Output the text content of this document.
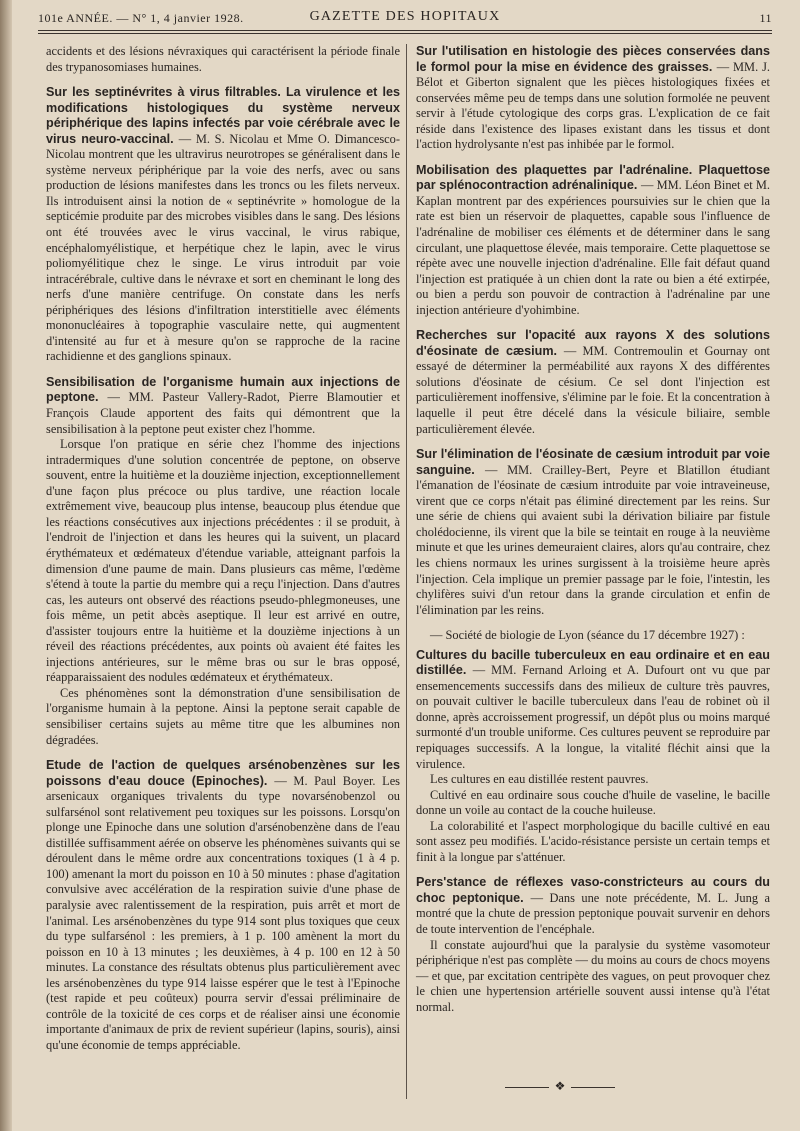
101e ANNÉE. — N° 1, 4 janvier 1928.	GAZETTE DES HOPITAUX	11

accidents et des lésions névraxiques qui caractérisent la période finale des trypanosomiases humaines.

Sur les septinévrites à virus filtrables. La virulence et les modifications histologiques du système nerveux périphérique des lapins infectés par voie cérébrale avec le virus neuro-vaccinal. — M. S. Nicolau et Mme O. Dimancesco-Nicolau montrent que les ultravirus neurotropes se généralisent dans le système nerveux périphérique par la voie des nerfs, avec ou sans production de lésions manifestes dans les troncs ou les filets nerveux. Ils introduisent ainsi la notion de « septinévrite » homologue de la septicémie produite par des microbes visibles dans le sang. Des lésions ont été trouvées avec le virus vaccinal, le virus rabique, encéphalomyélistique, et herpétique chez le lapin, avec le virus poliomyélitique chez le singe. Le virus introduit par voie intracérébrale, cultive dans le névraxe et sort en cheminant le long des nerfs d'une manière centrifuge. On constate dans les nerfs périphériques des lésions d'infiltration interstitielle avec éléments mononucléaires à topographie vasculaire nette, qui augmentent d'intensité au fur et à mesure qu'on se rapproche de la racine rachidienne et des ganglions spinaux.
Sensibilisation de l'organisme humain aux injections de peptone. — MM. Pasteur Vallery-Radot, Pierre Blamoutier et François Claude apportent des faits qui démontrent que la sensibilisation à la peptone peut exister chez l'homme.

Lorsque l'on pratique en série chez l'homme des injections intradermiques d'une solution concentrée de peptone, on observe souvent, entre la huitième et la douzième injection, exceptionnellement d'une façon plus précoce ou plus tardive, une réaction locale extrêmement vive, beaucoup plus intense, beaucoup plus étendue que les réactions consécutives aux injections précédentes : il se produit, à l'endroit de l'injection et dans les heures qui la suivent, un placard érythémateux et œdémateux d'étendue variable, atteignant parfois la dimension d'une paume de main. Dans plusieurs cas même, l'œdème s'étend à toute la partie du membre qui a reçu l'injection. Dans d'autres cas, les auteurs ont observé des réactions pseudo-phlegmoneuses, une fois même, un petit abcès aseptique. Il leur est arrivé en outre, d'assister toujours entre la huitième et la douzième injections à un réveil des réactions précédentes, aux points où avaient été faites les injections antérieures, sur le même bras ou sur le bras opposé, réapparaissaient des nodules œdémateux et érythémateux.

Ces phénomènes sont la démonstration d'une sensibilisation de l'organisme humain à la peptone. Ainsi la peptone serait capable de sensibiliser certains sujets au même titre que les albumines non dégradées.

Etude de l'action de quelques arsénobenzènes sur les poissons d'eau douce (Epinoches). — M. Paul Boyer. Les arsenicaux organiques trivalents du type novarsénobenzol ou sulfarsénol sont relativement peu toxiques sur les poissons. Lorsqu'on plonge une Epinoche dans une solution d'arsénobenzène dans de l'eau distillée suffisamment aérée on observe les phénomènes suivants qui se déroulent dans le même ordre aux concentrations toxiques (1 à 4 p. 100) amenant la mort du poisson en 10 à 50 minutes : phase d'agitation convulsive avec accélération de la respiration suivie d'une phase de paralysie avec ralentissement de la respiration, puis arrêt et mort de l'animal. Les arsénobenzènes du type 914 sont plus toxiques que ceux du type sulfarsénol : les premiers, à 1 p. 100 amènent la mort du poisson en 10 à 13 minutes ; les deuxièmes, à 4 p. 100 en 12 à 50 minutes. La constance des résultats obtenus plus particulièrement avec les arsénobenzènes du type 914 laisse espérer que le test à l'Epinoche (test rapide et peu coûteux) pourra servir d'essai préliminaire de contrôle de la toxicité de ces corps et de réaliser ainsi une économie importante d'animaux de prix de revient supérieur (lapins, souris), ainsi qu'une économie de temps appréciable.
Sur l'utilisation en histologie des pièces conservées dans le formol pour la mise en évidence des graisses. — MM. J. Bélot et Giberton signalent que les pièces histologiques fixées et conservées même peu de temps dans une solution formolée ne peuvent servir à l'étude cytologique des corps gras. L'explication de ce fait réside dans l'existence des lipases existant dans les tissus et dont l'action hydrolysante n'est pas inhibée par le formol.
Mobilisation des plaquettes par l'adrénaline. Plaquettose par splénocontraction adrénalinique. — MM. Léon Binet et M. Kaplan montrent par des expériences poursuivies sur le chien que la rate est bien un réservoir de plaquettes, capable sous l'influence de l'adrénaline de mobiliser ces éléments et de déterminer dans le sang circulant, une plaquettose élevée, mais temporaire. Cette plaquettose se répète avec une nouvelle injection d'adrénaline. Elle fait défaut quand l'injection est pratiquée à un chien dont la rate ou bien a été extirpée, ou bien a perdu son pouvoir de contraction à l'adrénaline par une injection antérieure d'yohimbine.
Recherches sur l'opacité aux rayons X des solutions d'éosinate de cæsium. — MM. Contremoulin et Gournay ont essayé de déterminer la perméabilité aux rayons X des différentes solutions d'éosinate de césium. Ce sel dont l'injection est particulièrement inoffensive, s'élimine par le foie. Et la concentration à laquelle il peut être décelé dans la vésicule biliaire, semble particulièrement élevée.
Sur l'élimination de l'éosinate de cæsium introduit par voie sanguine. — MM. Crailley-Bert, Peyre et Blatillon étudiant l'émanation de l'éosinate de cæsium introduite par voie intraveineuse, virent que ce corps n'était pas éliminé directement par les reins. Sur une série de chiens qui avaient subi la dérivation biliaire par fistule cholédocienne, ils virent que la bile se teintait en rouge à la neuvième minute et que les urines demeuraient claires, alors qu'au contraire, chez les chiens normaux les urines surgissent à la troisième heure après l'injection. Cela implique un premier passage par le foie, l'intestin, les chylifères suivi d'un retour dans la grande circulation et enfin de l'élimination par les reins.

— Société de biologie de Lyon (séance du 17 décembre 1927) :

Cultures du bacille tuberculeux en eau ordinaire et en eau distillée. — MM. Fernand Arloing et A. Dufourt ont vu que par ensemencements successifs dans des milieux de culture très pauvres, on pouvait cultiver le bacille tuberculeux dans l'eau de robinet où il donne, après accroissement progressif, un dépôt plus ou moins marqué surmonté d'un trouble uniforme. Ces cultures peuvent se reproduire par repiquages successifs. A la longue, la vitalité fléchit ainsi que la virulence.

Les cultures en eau distillée restent pauvres.

Cultivé en eau ordinaire sous couche d'huile de vaseline, le bacille donne un voile au contact de la couche huileuse.

La colorabilité et l'aspect morphologique du bacille cultivé en eau sont assez peu modifiés. L'acido-résistance persiste un certain temps et finit à la longue par s'atténuer.

Pers'stance de réflexes vaso-constricteurs au cours du choc peptonique. — Dans une note précédente, M. L. Jung a montré que la chute de pression peptonique pouvait survenir en dehors de toute intervention de l'encéphale.

Il constate aujourd'hui que la paralysie du système vasomoteur périphérique n'est pas complète — du moins au cours de chocs moyens — et que, par excitation centripète des vagues, on peut provoquer chez le chien une hypertension artérielle souvent aussi intense qu'à l'état normal.

❖
